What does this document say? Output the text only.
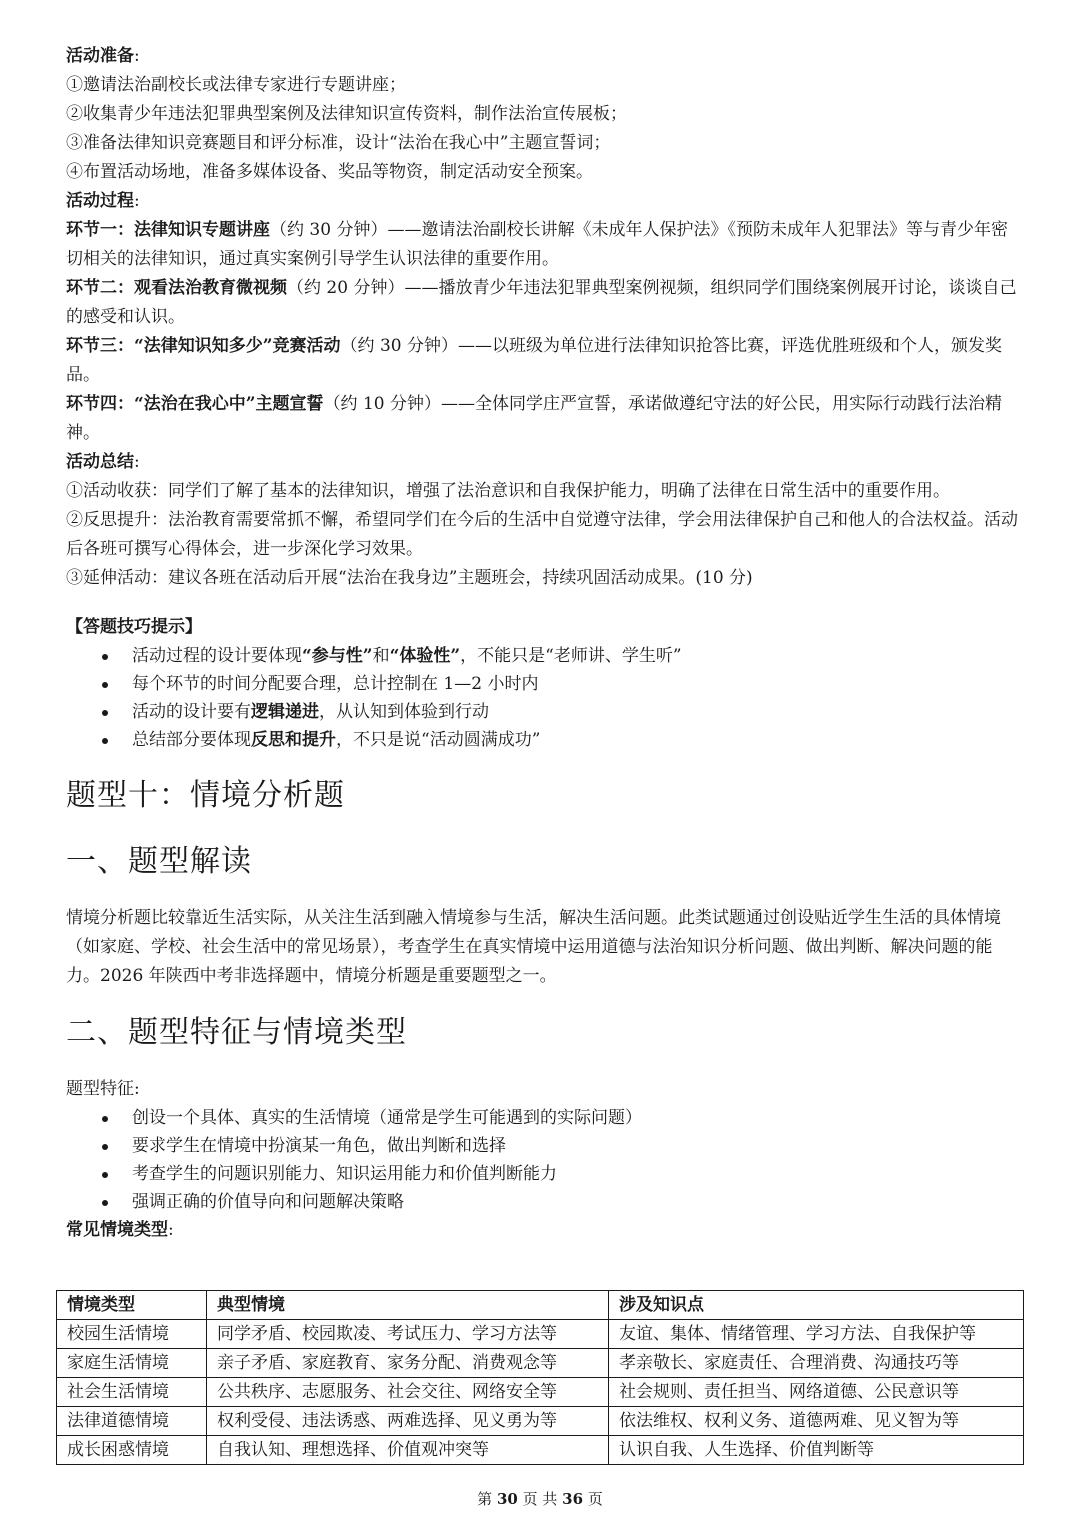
活动准备:

①邀请法治副校长或法律专家进行专题讲座；

②收集青少年违法犯罪典型案例及法律知识宣传资料，制作法治宣传展板；

③准备法律知识竞赛题目和评分标准，设计“法治在我心中”主题宣誓词；

④布置活动场地，准备多媒体设备、奖品等物资，制定活动安全预案。

活动过程:

环节一：法律知识专题讲座（约 30 分钟）——邀请法治副校长讲解《未成年人保护法》《预防未成年人犯罪法》等与青少年密切相关的法律知识，通过真实案例引导学生认识法律的重要作用。

环节二：观看法治教育微视频（约 20 分钟）——播放青少年违法犯罪典型案例视频，组织同学们围绕案例展开讨论，谈谈自己的感受和认识。

环节三：“法律知识知多少”竞赛活动（约 30 分钟）——以班级为单位进行法律知识抢答比赛，评选优胜班级和个人，颁发奖品。

环节四：“法治在我心中”主题宣誓（约 10 分钟）——全体同学庄严宣誓，承诺做遵纪守法的好公民，用实际行动践行法治精神。

活动总结:

①活动收获：同学们了解了基本的法律知识，增强了法治意识和自我保护能力，明确了法律在日常生活中的重要作用。

②反思提升：法治教育需要常抓不懈，希望同学们在今后的生活中自觉遵守法律，学会用法律保护自己和他人的合法权益。活动后各班可撰写心得体会，进一步深化学习效果。

③延伸活动：建议各班在活动后开展“法治在我身边”主题班会，持续巩固活动成果。(10 分)

【答题技巧提示】

活动过程的设计要体现“参与性”和“体验性”，不能只是“老师讲、学生听”
每个环节的时间分配要合理，总计控制在 1—2 小时内
活动的设计要有逻辑递进，从认知到体验到行动
总结部分要体现反思和提升，不只是说“活动圆满成功”
题型十：情境分析题
一、题型解读

情境分析题比较靠近生活实际，从关注生活到融入情境参与生活，解决生活问题。此类试题通过创设贴近学生生活的具体情境（如家庭、学校、社会生活中的常见场景），考查学生在真实情境中运用道德与法治知识分析问题、做出判断、解决问题的能力。2026 年陕西中考非选择题中，情境分析题是重要题型之一。

二、题型特征与情境类型

题型特征:

创设一个具体、真实的生活情境（通常是学生可能遇到的实际问题）
要求学生在情境中扮演某一角色，做出判断和选择
考查学生的问题识别能力、知识运用能力和价值判断能力
强调正确的价值导向和问题解决策略

常见情境类型:

情境类型	典型情境	涉及知识点
校园生活情境	同学矛盾、校园欺凌、考试压力、学习方法等	友谊、集体、情绪管理、学习方法、自我保护等
家庭生活情境	亲子矛盾、家庭教育、家务分配、消费观念等	孝亲敬长、家庭责任、合理消费、沟通技巧等
社会生活情境	公共秩序、志愿服务、社会交往、网络安全等	社会规则、责任担当、网络道德、公民意识等
法律道德情境	权利受侵、违法诱惑、两难选择、见义勇为等	依法维权、权利义务、道德两难、见义智为等
成长困惑情境	自我认知、理想选择、价值观冲突等	认识自我、人生选择、价值判断等
第 30 页 共 36 页
